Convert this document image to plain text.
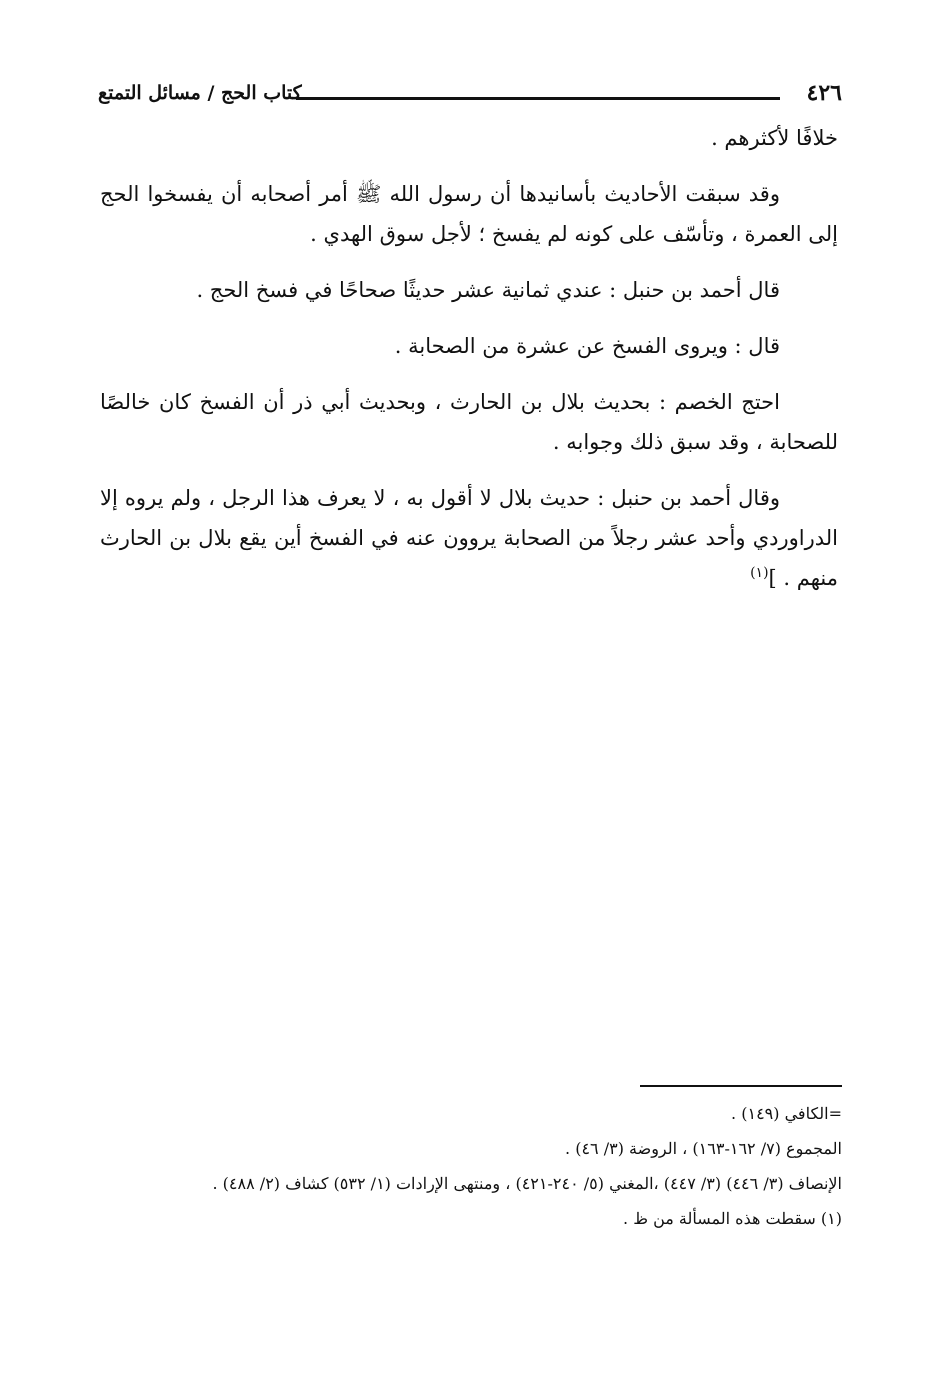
٤٢٦
كتاب الحج / مسائل التمتع

خلافًا لأكثرهم .

وقد سبقت الأحاديث بأسانيدها أن رسول الله ﷺ أمر أصحابه أن يفسخوا الحج إلى العمرة ، وتأسّف على كونه لم يفسخ ؛ لأجل سوق الهدي .

قال أحمد بن حنبل : عندي ثمانية عشر حديثًا صحاحًا في فسخ الحج .

قال : ويروى الفسخ عن عشرة من الصحابة .

احتج الخصم : بحديث بلال بن الحارث ، وبحديث أبي ذر أن الفسخ كان خالصًا للصحابة ، وقد سبق ذلك وجوابه .

وقال أحمد بن حنبل : حديث بلال لا أقول به ، لا يعرف هذا الرجل ، ولم يروه إلا الدراوردي وأحد عشر رجلاً من الصحابة يروون عنه في الفسخ أين يقع بلال بن الحارث منهم . ]$^{(١)}$

=الكافي (١٤٩) .

المجموع (٧/ ١٦٢-١٦٣) ، الروضة (٣/ ٤٦) .

الإنصاف (٣/ ٤٤٦) (٣/ ٤٤٧) ،المغني (٥/ ٢٤٠-٤٢١) ، ومنتهى الإرادات (١/ ٥٣٢) كشاف (٢/ ٤٨٨) .

(١) سقطت هذه المسألة من ظ .
